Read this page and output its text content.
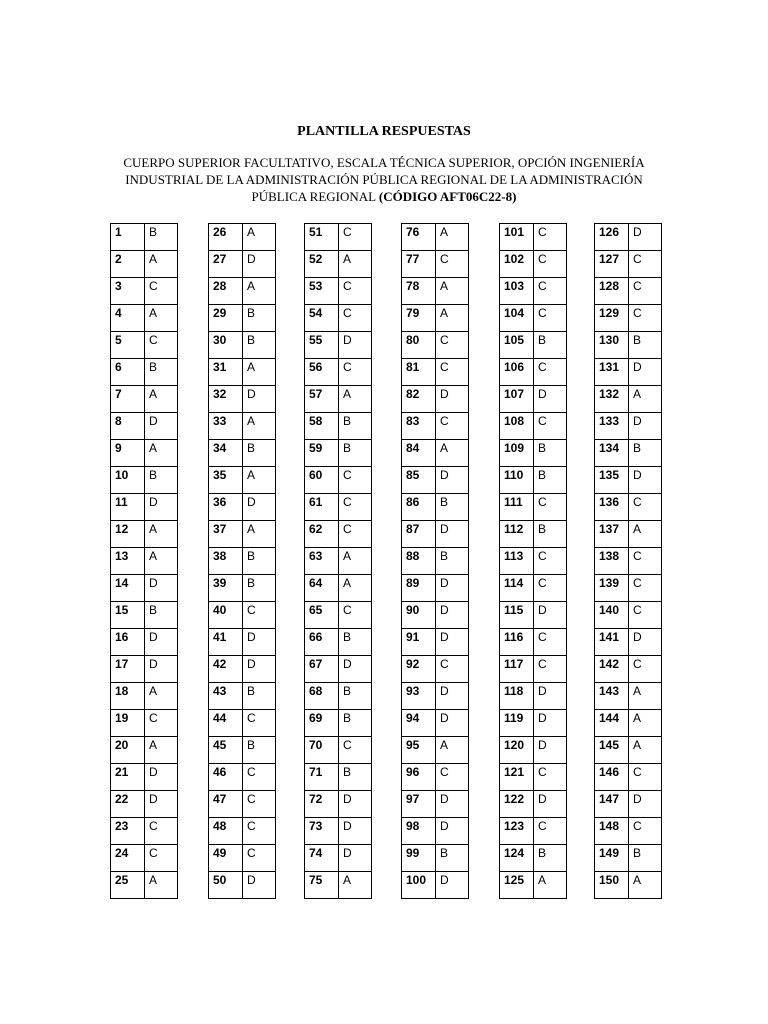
PLANTILLA RESPUESTAS
CUERPO SUPERIOR FACULTATIVO, ESCALA TÉCNICA SUPERIOR, OPCIÓN INGENIERÍA INDUSTRIAL DE LA ADMINISTRACIÓN PÚBLICA REGIONAL DE LA ADMINISTRACIÓN PÚBLICA REGIONAL (CÓDIGO AFT06C22-8)
1	B
2	A
3	C
4	A
5	C
6	B
7	A
8	D
9	A
10	B
11	D
12	A
13	A
14	D
15	B
16	D
17	D
18	A
19	C
20	A
21	D
22	D
23	C
24	C
25	A
26	A
27	D
28	A
29	B
30	B
31	A
32	D
33	A
34	B
35	A
36	D
37	A
38	B
39	B
40	C
41	D
42	D
43	B
44	C
45	B
46	C
47	C
48	C
49	C
50	D
51	C
52	A
53	C
54	C
55	D
56	C
57	A
58	B
59	B
60	C
61	C
62	C
63	A
64	A
65	C
66	B
67	D
68	B
69	B
70	C
71	B
72	D
73	D
74	D
75	A
76	A
77	C
78	A
79	A
80	C
81	C
82	D
83	C
84	A
85	D
86	B
87	D
88	B
89	D
90	D
91	D
92	C
93	D
94	D
95	A
96	C
97	D
98	D
99	B
100	D
101	C
102	C
103	C
104	C
105	B
106	C
107	D
108	C
109	B
110	B
111	C
112	B
113	C
114	C
115	D
116	C
117	C
118	D
119	D
120	D
121	C
122	D
123	C
124	B
125	A
126	D
127	C
128	C
129	C
130	B
131	D
132	A
133	D
134	B
135	D
136	C
137	A
138	C
139	C
140	C
141	D
142	C
143	A
144	A
145	A
146	C
147	D
148	C
149	B
150	A
